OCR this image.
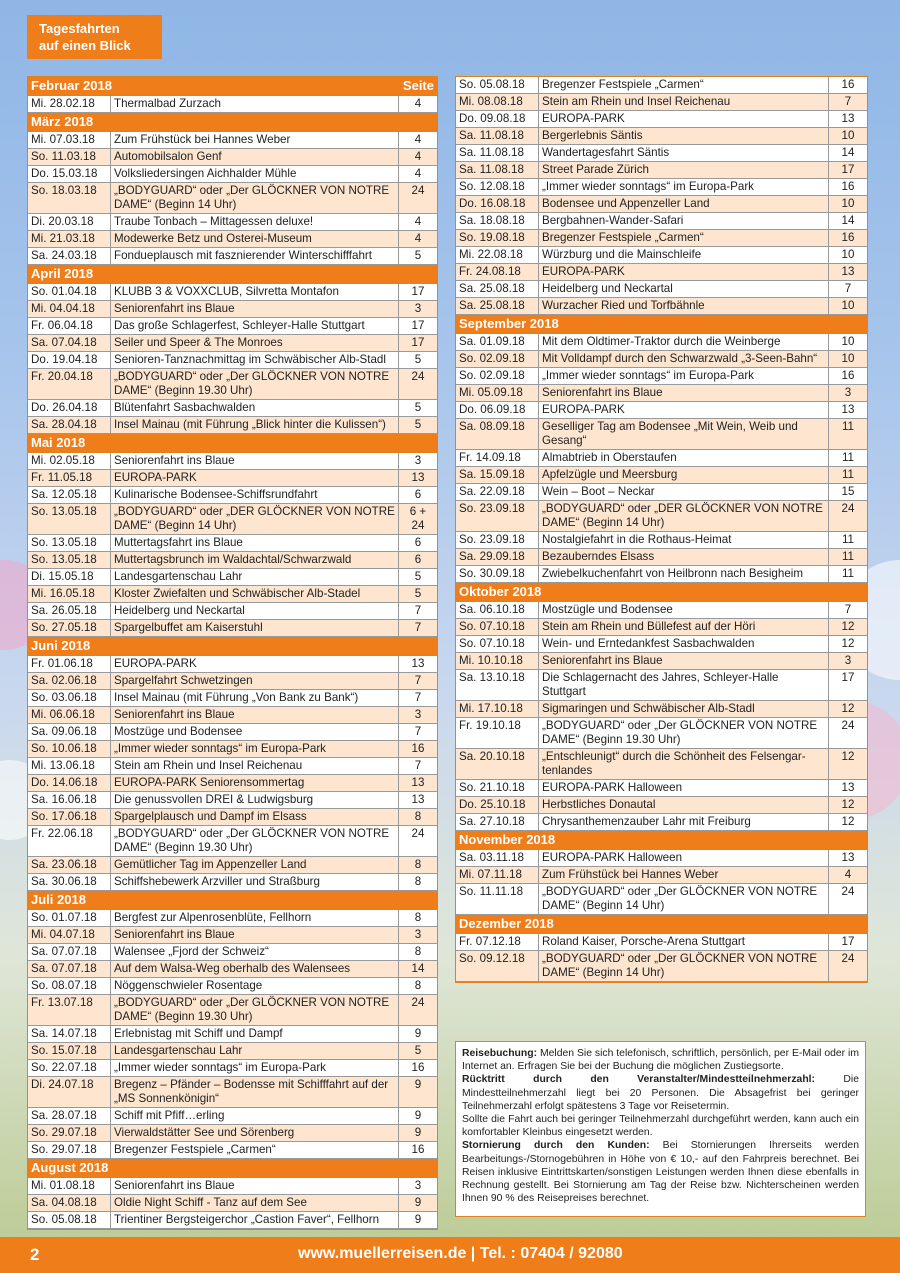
Tagesfahrten
auf einen Blick
Februar 2018		Seite
Mi. 28.02.18	Thermalbad Zurzach	4
März 2018		
Mi. 07.03.18	Zum Frühstück bei Hannes Weber	4
So. 11.03.18	Automobilsalon Genf	4
Do. 15.03.18	Volksliedersingen Aichhalder Mühle	4
So. 18.03.18	„BODYGUARD“ oder „Der GLÖCKNER VON NOTRE DAME“ (Beginn 14 Uhr)	24
Di. 20.03.18	Traube Tonbach – Mittagessen deluxe!	4
Mi. 21.03.18	Modewerke Betz und Osterei-Museum	4
Sa. 24.03.18	Fondueplausch mit fasznierender Winterschifffahrt	5
April 2018		
So. 01.04.18	KLUBB 3 & VOXXCLUB, Silvretta Montafon	17
Mi. 04.04.18	Seniorenfahrt ins Blaue	3
Fr. 06.04.18	Das große Schlagerfest, Schleyer-Halle Stuttgart	17
Sa. 07.04.18	Seiler und Speer & The Monroes	17
Do. 19.04.18	Senioren-Tanznachmittag im Schwäbischer Alb-Stadl	5
Fr. 20.04.18	„BODYGUARD“ oder „Der GLÖCKNER VON NOTRE DAME“ (Beginn 19.30 Uhr)	24
Do. 26.04.18	Blütenfahrt Sasbachwalden	5
Sa. 28.04.18	Insel Mainau (mit Führung „Blick hinter die Kulissen“)	5
Mai 2018		
Mi. 02.05.18	Seniorenfahrt ins Blaue	3
Fr. 11.05.18	EUROPA-PARK	13
Sa. 12.05.18	Kulinarische Bodensee-Schiffsrundfahrt	6
So. 13.05.18	„BODYGUARD“ oder „DER GLÖCKNER VON NOTRE DAME“ (Beginn 14 Uhr)	6 + 24
So. 13.05.18	Muttertagsfahrt ins Blaue	6
So. 13.05.18	Muttertagsbrunch im Waldachtal/Schwarzwald	6
Di. 15.05.18	Landesgartenschau Lahr	5
Mi. 16.05.18	Kloster Zwiefalten und Schwäbischer Alb-Stadel	5
Sa. 26.05.18	Heidelberg und Neckartal	7
So. 27.05.18	Spargelbuffet am Kaiserstuhl	7
Juni 2018		
Fr. 01.06.18	EUROPA-PARK	13
Sa. 02.06.18	Spargelfahrt Schwetzingen	7
So. 03.06.18	Insel Mainau (mit Führung „Von Bank zu Bank“)	7
Mi. 06.06.18	Seniorenfahrt ins Blaue	3
Sa. 09.06.18	Mostzüge und Bodensee	7
So. 10.06.18	„Immer wieder sonntags“ im Europa-Park	16
Mi. 13.06.18	Stein am Rhein und Insel Reichenau	7
Do. 14.06.18	EUROPA-PARK Seniorensommertag	13
Sa. 16.06.18	Die genussvollen DREI & Ludwigsburg	13
So. 17.06.18	Spargelplausch und Dampf im Elsass	8
Fr. 22.06.18	„BODYGUARD“ oder „Der GLÖCKNER VON NOTRE DAME“ (Beginn 19.30 Uhr)	24
Sa. 23.06.18	Gemütlicher Tag im Appenzeller Land	8
Sa. 30.06.18	Schiffshebewerk Arzviller und Straßburg	8
Juli 2018		
So. 01.07.18	Bergfest zur Alpenrosenblüte, Fellhorn	8
Mi. 04.07.18	Seniorenfahrt ins Blaue	3
Sa. 07.07.18	Walensee „Fjord der Schweiz“	8
Sa. 07.07.18	Auf dem Walsa-Weg oberhalb des Walensees	14
So. 08.07.18	Nöggenschwieler Rosentage	8
Fr. 13.07.18	„BODYGUARD“ oder „Der GLÖCKNER VON NOTRE DAME“ (Beginn 19.30 Uhr)	24
Sa. 14.07.18	Erlebnistag mit Schiff und Dampf	9
So. 15.07.18	Landesgartenschau Lahr	5
So. 22.07.18	„Immer wieder sonntags“ im Europa-Park	16
Di. 24.07.18	Bregenz – Pfänder – Bodensse mit Schifffahrt auf der „MS Sonnenkönigin“	9
Sa. 28.07.18	Schiff mit Pfiff…erling	9
So. 29.07.18	Vierwaldstätter See und Sörenberg	9
So. 29.07.18	Bregenzer Festspiele „Carmen“	16
August 2018		
Mi. 01.08.18	Seniorenfahrt ins Blaue	3
Sa. 04.08.18	Oldie Night Schiff - Tanz auf dem See	9
So. 05.08.18	Trientiner Bergsteigerchor „Castion Faver“, Fellhorn	9
So. 05.08.18	Bregenzer Festspiele „Carmen“	16
Mi. 08.08.18	Stein am Rhein und Insel Reichenau	7
Do. 09.08.18	EUROPA-PARK	13
Sa. 11.08.18	Bergerlebnis Säntis	10
Sa. 11.08.18	Wandertagesfahrt Säntis	14
Sa. 11.08.18	Street Parade Zürich	17
So. 12.08.18	„Immer wieder sonntags“ im Europa-Park	16
Do. 16.08.18	Bodensee und Appenzeller Land	10
Sa. 18.08.18	Bergbahnen-Wander-Safari	14
So. 19.08.18	Bregenzer Festspiele „Carmen“	16
Mi. 22.08.18	Würzburg und die Mainschleife	10
Fr. 24.08.18	EUROPA-PARK	13
Sa. 25.08.18	Heidelberg und Neckartal	7
Sa. 25.08.18	Wurzacher Ried und Torfbähnle	10
September 2018		
Sa. 01.09.18	Mit dem Oldtimer-Traktor durch die Weinberge	10
So. 02.09.18	Mit Volldampf durch den Schwarzwald „3-Seen-Bahn“	10
So. 02.09.18	„Immer wieder sonntags“ im Europa-Park	16
Mi. 05.09.18	Seniorenfahrt ins Blaue	3
Do. 06.09.18	EUROPA-PARK	13
Sa. 08.09.18	Geselliger Tag am Bodensee „Mit Wein, Weib und Gesang“	11
Fr. 14.09.18	Almabtrieb in Oberstaufen	11
Sa. 15.09.18	Apfelzügle und Meersburg	11
Sa. 22.09.18	Wein – Boot – Neckar	15
So. 23.09.18	„BODYGUARD“ oder „DER GLÖCKNER VON NOTRE DAME“ (Beginn 14 Uhr)	24
So. 23.09.18	Nostalgiefahrt in die Rothaus-Heimat	11
Sa. 29.09.18	Bezauberndes Elsass	11
So. 30.09.18	Zwiebelkuchenfahrt von Heilbronn nach Besigheim	11
Oktober 2018		
Sa. 06.10.18	Mostzügle und Bodensee	7
So. 07.10.18	Stein am Rhein und Büllefest auf der Höri	12
So. 07.10.18	Wein- und Erntedankfest Sasbachwalden	12
Mi. 10.10.18	Seniorenfahrt ins Blaue	3
Sa. 13.10.18	Die Schlagernacht des Jahres, Schleyer-Halle Stuttgart	17
Mi. 17.10.18	Sigmaringen und Schwäbischer Alb-Stadl	12
Fr. 19.10.18	„BODYGUARD“ oder „Der GLÖCKNER VON NOTRE DAME“ (Beginn 19.30 Uhr)	24
Sa. 20.10.18	„Entschleunigt“ durch die Schönheit des Felsengar-tenlandes	12
So. 21.10.18	EUROPA-PARK Halloween	13
Do. 25.10.18	Herbstliches Donautal	12
Sa. 27.10.18	Chrysanthemenzauber Lahr mit Freiburg	12
November 2018		
Sa. 03.11.18	EUROPA-PARK Halloween	13
Mi. 07.11.18	Zum Frühstück bei Hannes Weber	4
So. 11.11.18	„BODYGUARD“ oder „Der GLÖCKNER VON NOTRE DAME“ (Beginn 14 Uhr)	24
Dezember 2018		
Fr. 07.12.18	Roland Kaiser, Porsche-Arena Stuttgart	17
So. 09.12.18	„BODYGUARD“ oder „Der GLÖCKNER VON NOTRE DAME“ (Beginn 14 Uhr)	24

Reisebuchung: Melden Sie sich telefonisch, schriftlich, persönlich, per E-Mail oder im Internet an. Erfragen Sie bei der Buchung die möglichen Zustiegsorte.

Rücktritt durch den Veranstalter/Mindestteilnehmerzahl: Die Mindestteilnehmerzahl liegt bei 20 Personen. Die Absagefrist bei geringer Teilnehmerzahl erfolgt spätestens 3 Tage vor Reisetermin.

Sollte die Fahrt auch bei geringer Teilnehmerzahl durchgeführt werden, kann auch ein komfortabler Kleinbus eingesetzt werden.

Stornierung durch den Kunden: Bei Stornierungen Ihrerseits werden Bearbeitungs-/Stornogebühren in Höhe von € 10,- auf den Fahrpreis berechnet. Bei Reisen inklusive Eintrittskarten/sonstigen Leistungen werden Ihnen diese ebenfalls in Rechnung gestellt. Bei Stornierung am Tag der Reise bzw. Nichterscheinen werden Ihnen 90 % des Reisepreises berechnet.

2	www.muellerreisen.de | Tel. : 07404 / 92080
